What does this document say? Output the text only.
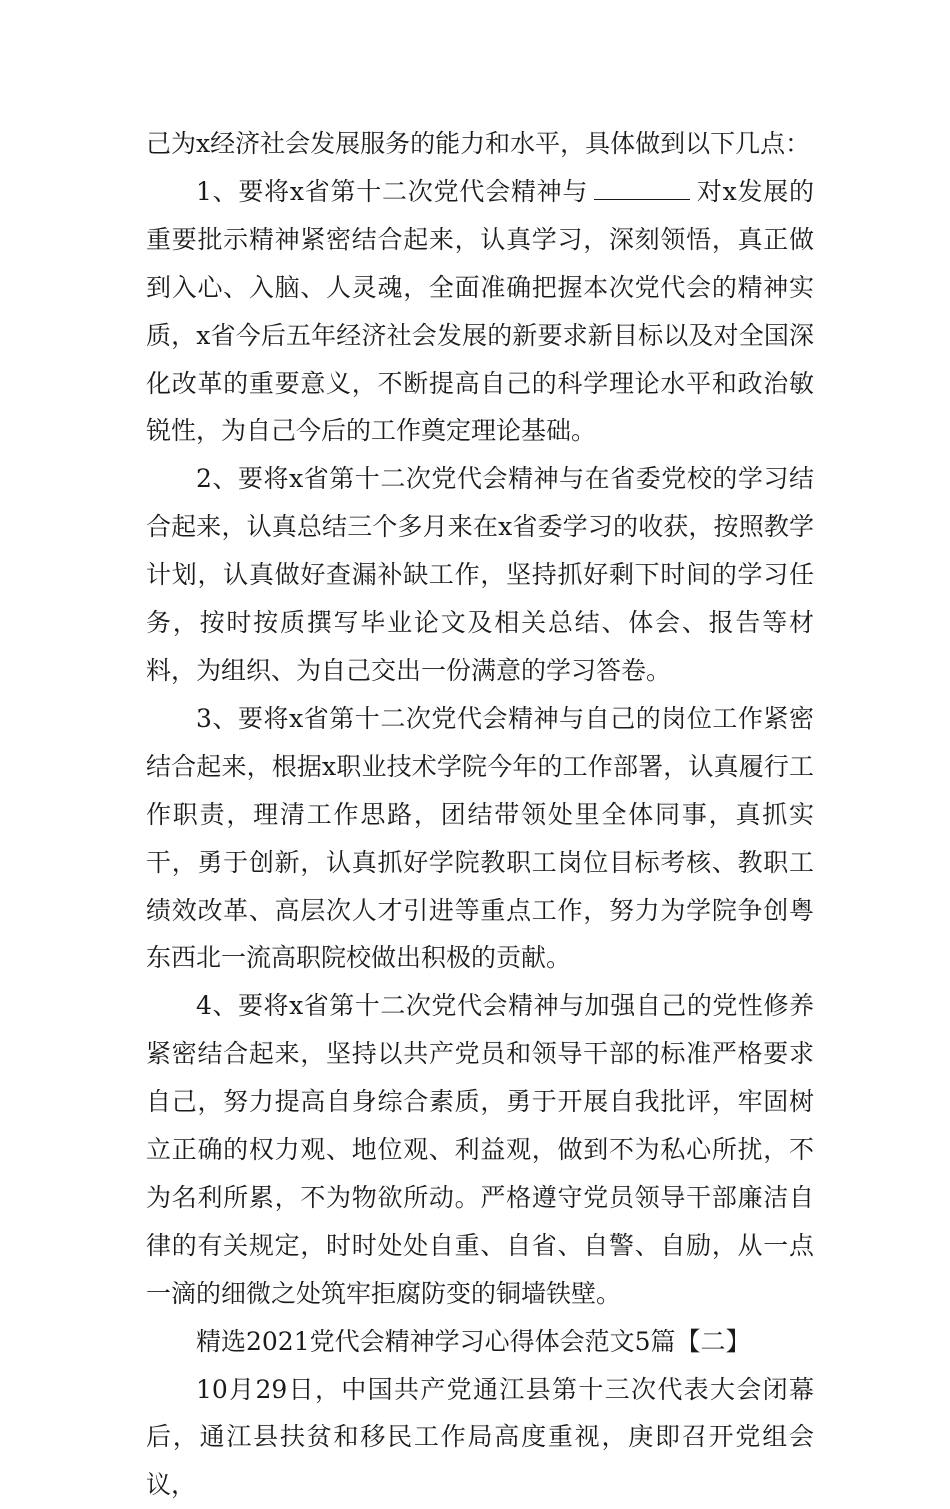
己为x经济社会发展服务的能力和水平，具体做到以下几点：

1、要将x省第十二次党代会精神与	对x发展的重要批示精神紧密结合起来，认真学习，深刻领悟，真正做到入心、入脑、人灵魂，全面准确把握本次党代会的精神实质，x省今后五年经济社会发展的新要求新目标以及对全国深化改革的重要意义，不断提高自己的科学理论水平和政治敏锐性，为自己今后的工作奠定理论基础。

2、要将x省第十二次党代会精神与在省委党校的学习结合起来，认真总结三个多月来在x省委学习的收获，按照教学计划，认真做好查漏补缺工作，坚持抓好剩下时间的学习任务，按时按质撰写毕业论文及相关总结、体会、报告等材料，为组织、为自己交出一份满意的学习答卷。

3、要将x省第十二次党代会精神与自己的岗位工作紧密结合起来，根据x职业技术学院今年的工作部署，认真履行工作职责，理清工作思路，团结带领处里全体同事，真抓实干，勇于创新，认真抓好学院教职工岗位目标考核、教职工绩效改革、高层次人才引进等重点工作，努力为学院争创粤东西北一流高职院校做出积极的贡献。

4、要将x省第十二次党代会精神与加强自己的党性修养紧密结合起来，坚持以共产党员和领导干部的标准严格要求自己，努力提高自身综合素质，勇于开展自我批评，牢固树立正确的权力观、地位观、利益观，做到不为私心所扰，不为名利所累，不为物欲所动。严格遵守党员领导干部廉洁自律的有关规定，时时处处自重、自省、自警、自励，从一点一滴的细微之处筑牢拒腐防变的铜墙铁壁。

精选2021党代会精神学习心得体会范文5篇【二】

10月29日，中国共产党通江县第十三次代表大会闭幕后，通江县扶贫和移民工作局高度重视，庚即召开党组会议，
